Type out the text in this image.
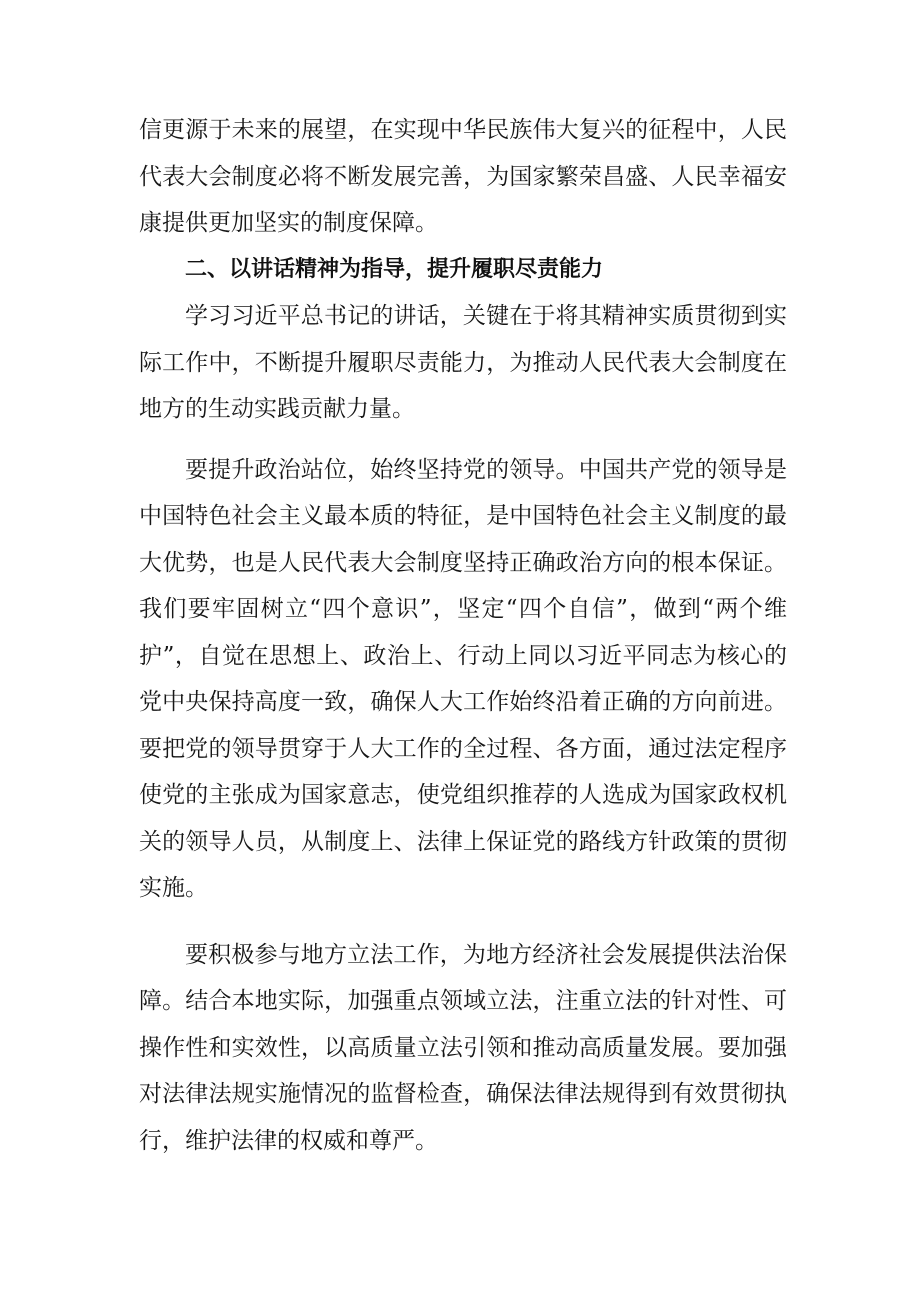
信更源于未来的展望，在实现中华民族伟大复兴的征程中，人民代表大会制度必将不断发展完善，为国家繁荣昌盛、人民幸福安康提供更加坚实的制度保障。

二、以讲话精神为指导，提升履职尽责能力

学习习近平总书记的讲话，关键在于将其精神实质贯彻到实际工作中，不断提升履职尽责能力，为推动人民代表大会制度在地方的生动实践贡献力量。

要提升政治站位，始终坚持党的领导。中国共产党的领导是中国特色社会主义最本质的特征，是中国特色社会主义制度的最大优势，也是人民代表大会制度坚持正确政治方向的根本保证。我们要牢固树立“四个意识”，坚定“四个自信”，做到“两个维护”，自觉在思想上、政治上、行动上同以习近平同志为核心的党中央保持高度一致，确保人大工作始终沿着正确的方向前进。要把党的领导贯穿于人大工作的全过程、各方面，通过法定程序使党的主张成为国家意志，使党组织推荐的人选成为国家政权机关的领导人员，从制度上、法律上保证党的路线方针政策的贯彻实施。

要积极参与地方立法工作，为地方经济社会发展提供法治保障。结合本地实际，加强重点领域立法，注重立法的针对性、可操作性和实效性，以高质量立法引领和推动高质量发展。要加强对法律法规实施情况的监督检查，确保法律法规得到有效贯彻执行，维护法律的权威和尊严。
